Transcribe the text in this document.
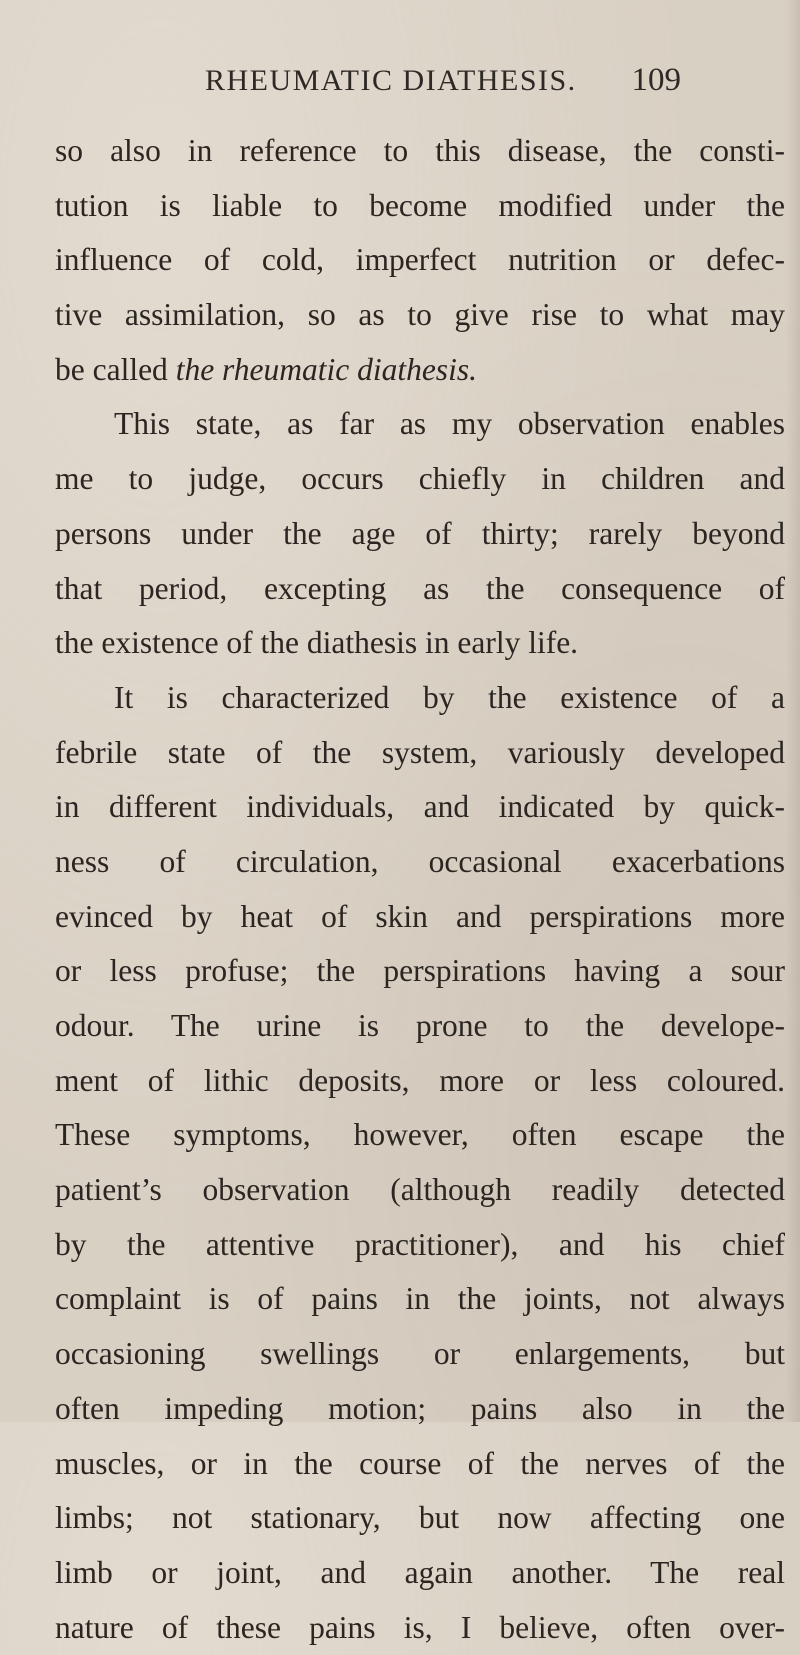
RHEUMATIC DIATHESIS. 109
so also in reference to this disease, the consti-
tution is liable to become modified under the
influence of cold, imperfect nutrition or defec-
tive assimilation, so as to give rise to what may
be called the rheumatic diathesis.
This state, as far as my observation enables
me to judge, occurs chiefly in children and
persons under the age of thirty; rarely beyond
that period, excepting as the consequence of
the existence of the diathesis in early life.
It is characterized by the existence of a
febrile state of the system, variously developed
in different individuals, and indicated by quick-
ness of circulation, occasional exacerbations
evinced by heat of skin and perspirations more
or less profuse; the perspirations having a sour
odour. The urine is prone to the develope-
ment of lithic deposits, more or less coloured.
These symptoms, however, often escape the
patient’s observation (although readily detected
by the attentive practitioner), and his chief
complaint is of pains in the joints, not always
occasioning swellings or enlargements, but
often impeding motion; pains also in the
muscles, or in the course of the nerves of the
limbs; not stationary, but now affecting one
limb or joint, and again another. The real
nature of these pains is, I believe, often over-
